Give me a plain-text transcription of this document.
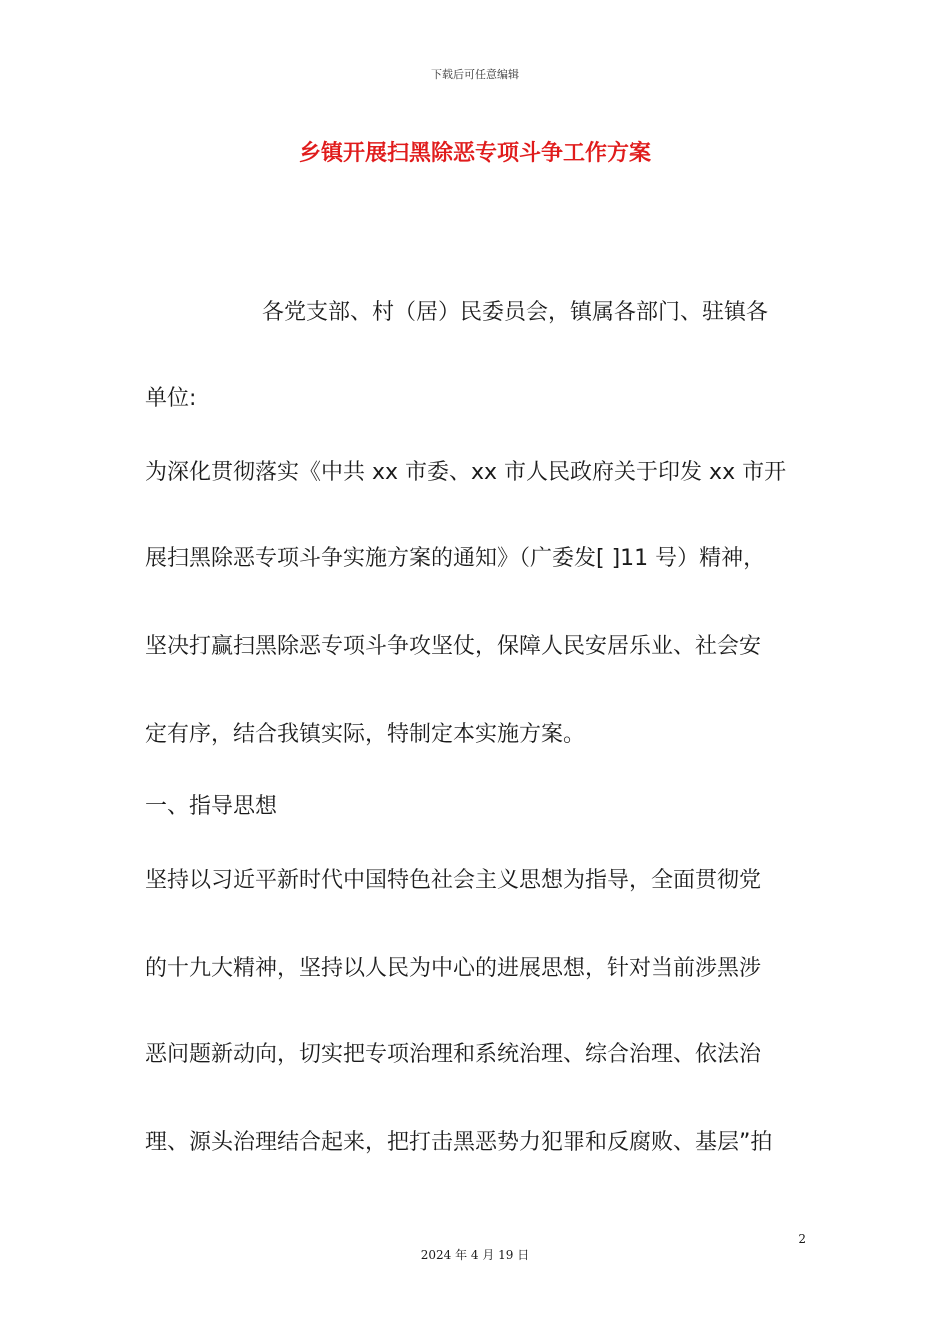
下载后可任意编辑
乡镇开展扫黑除恶专项斗争工作方案
各党支部、村（居）民委员会，镇属各部门、驻镇各
单位:
为深化贯彻落实《中共 xx 市委、xx 市人民政府关于印发 xx 市开
展扫黑除恶专项斗争实施方案的通知》（广委发[ ]11 号）精神，
坚决打赢扫黑除恶专项斗争攻坚仗，保障人民安居乐业、社会安
定有序，结合我镇实际，特制定本实施方案。
一、指导思想
坚持以习近平新时代中国特色社会主义思想为指导，全面贯彻党
的十九大精神，坚持以人民为中心的进展思想，针对当前涉黑涉
恶问题新动向，切实把专项治理和系统治理、综合治理、依法治
理、源头治理结合起来，把打击黑恶势力犯罪和反腐败、基层”拍
2
2024 年 4 月 19 日
